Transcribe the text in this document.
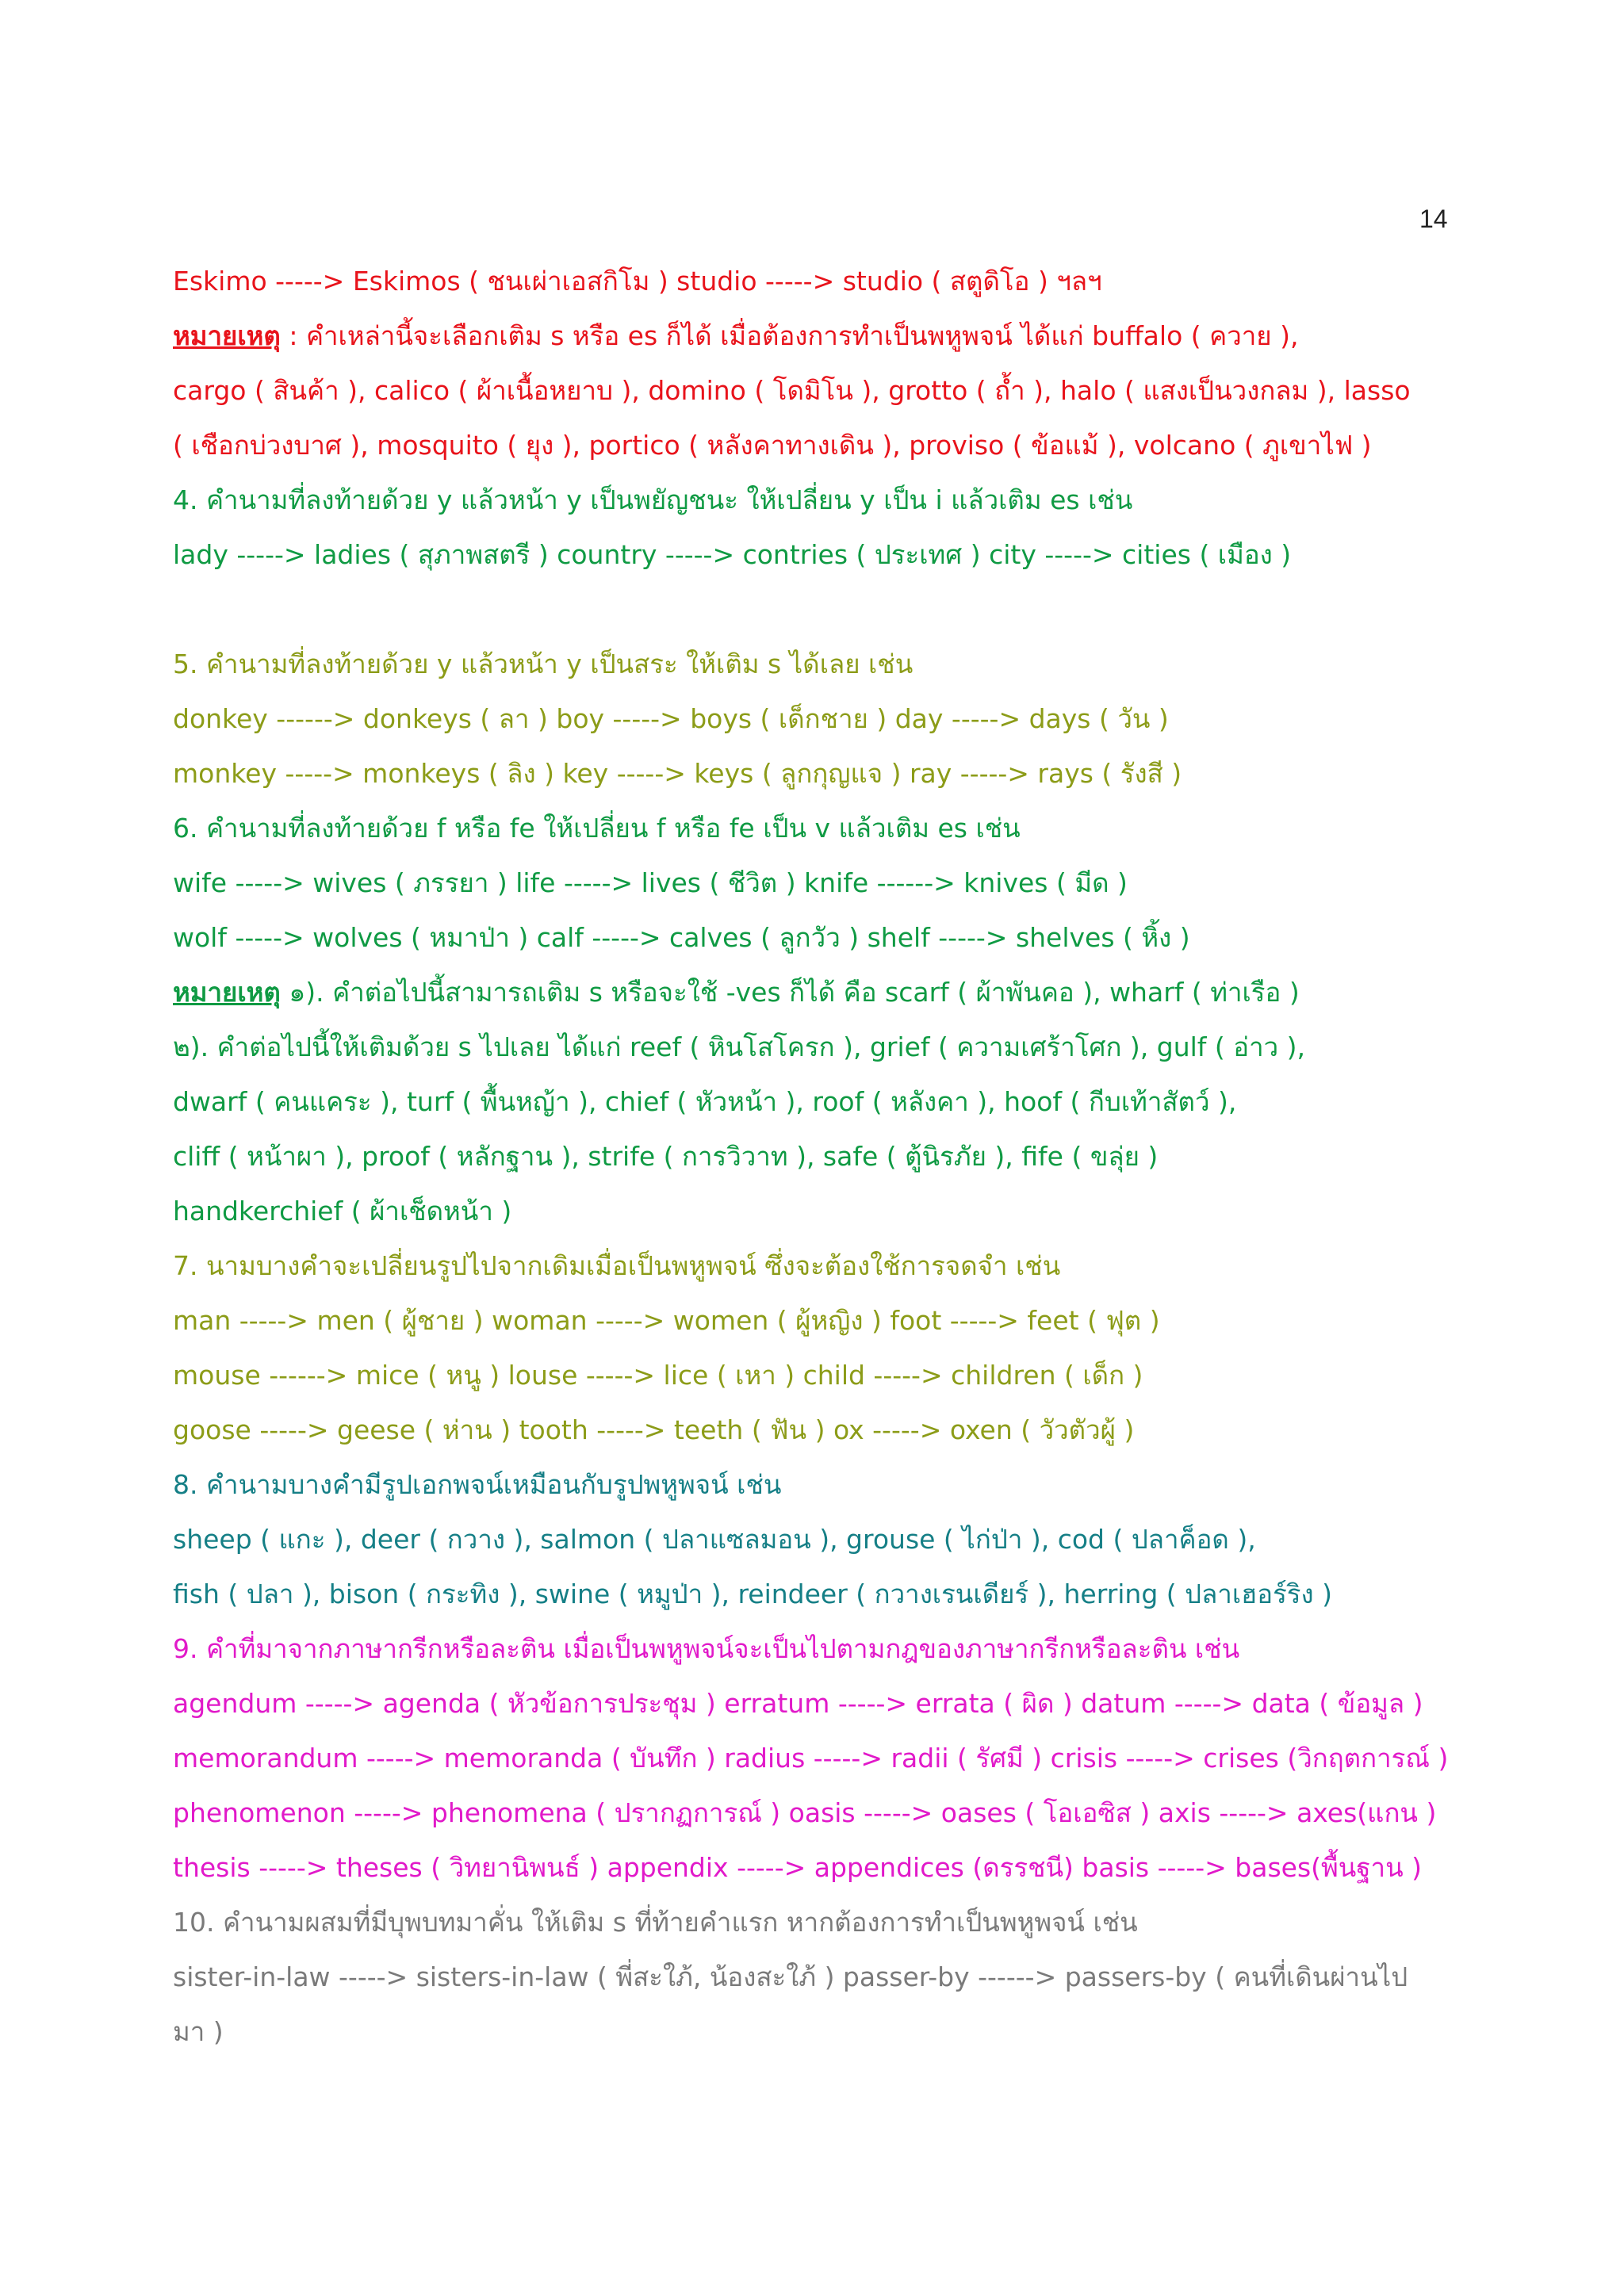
14
Eskimo -----> Eskimos ( ชนเผ่าเอสกิโม ) studio -----> studio ( สตูดิโอ ) ฯลฯ
หมายเหตุ : คำเหล่านี้จะเลือกเติม s หรือ es ก็ได้ เมื่อต้องการทำเป็นพหูพจน์ ได้แก่ buffalo ( ควาย ),
cargo ( สินค้า ), calico ( ผ้าเนื้อหยาบ ), domino ( โดมิโน ), grotto ( ถ้ำ ), halo ( แสงเป็นวงกลม ), lasso
( เชือกบ่วงบาศ ), mosquito ( ยุง ), portico ( หลังคาทางเดิน ), proviso ( ข้อแม้ ), volcano ( ภูเขาไฟ )
4. คำนามที่ลงท้ายด้วย y แล้วหน้า y เป็นพยัญชนะ ให้เปลี่ยน y เป็น i แล้วเติม es เช่น
lady -----> ladies ( สุภาพสตรี ) country -----> contries ( ประเทศ ) city -----> cities ( เมือง )
5. คำนามที่ลงท้ายด้วย y แล้วหน้า y เป็นสระ ให้เติม s ได้เลย เช่น
donkey ------> donkeys ( ลา ) boy -----> boys ( เด็กชาย ) day -----> days ( วัน )
monkey -----> monkeys ( ลิง ) key -----> keys ( ลูกกุญแจ ) ray -----> rays ( รังสี )
6. คำนามที่ลงท้ายด้วย f หรือ fe ให้เปลี่ยน f หรือ fe เป็น v แล้วเติม es เช่น
wife -----> wives ( ภรรยา ) life -----> lives ( ชีวิต ) knife ------> knives ( มีด )
wolf -----> wolves ( หมาป่า ) calf -----> calves ( ลูกวัว ) shelf -----> shelves ( หิ้ง )
หมายเหตุุ ๑). คำต่อไปนี้สามารถเติม s หรือจะใช้ -ves ก็ได้ คือ scarf ( ผ้าพันคอ ), wharf ( ท่าเรือ )
๒). คำต่อไปนี้ให้เติมด้วย s ไปเลย ได้แก่ reef ( หินโสโครก ), grief ( ความเศร้าโศก ), gulf ( อ่าว ),
dwarf ( คนแคระ ), turf ( พื้นหญ้า ), chief ( หัวหน้า ), roof ( หลังคา ), hoof ( กีบเท้าสัตว์ ),
cliff ( หน้าผา ), proof ( หลักฐาน ), strife ( การวิวาท ), safe ( ตู้นิรภัย ), fife ( ขลุ่ย )
handkerchief ( ผ้าเช็ดหน้า )
7. นามบางคำจะเปลี่ยนรูปไปจากเดิมเมื่อเป็นพหูพจน์ ซึ่งจะต้องใช้การจดจำ เช่น
man -----> men ( ผู้ชาย ) woman -----> women ( ผู้หญิง ) foot -----> feet ( ฟุต )
mouse ------> mice ( หนู ) louse -----> lice ( เหา ) child -----> children ( เด็ก )
goose -----> geese ( ห่าน ) tooth -----> teeth ( ฟัน ) ox -----> oxen ( วัวตัวผู้ )
8. คำนามบางคำมีรูปเอกพจน์เหมือนกับรูปพหูพจน์ เช่น
sheep ( แกะ ), deer ( กวาง ), salmon ( ปลาแซลมอน ), grouse ( ไก่ป่า ), cod ( ปลาค็อด ),
fish ( ปลา ), bison ( กระทิง ), swine ( หมูป่า ), reindeer ( กวางเรนเดียร์ ), herring ( ปลาเฮอร์ริง )
9. คำที่มาจากภาษากรีกหรือละติน เมื่อเป็นพหูพจน์จะเป็นไปตามกฎของภาษากรีกหรือละติน เช่น
agendum -----> agenda ( หัวข้อการประชุม ) erratum -----> errata ( ผิด ) datum -----> data ( ข้อมูล )
memorandum -----> memoranda ( บันทึก ) radius -----> radii ( รัศมี ) crisis -----> crises (วิกฤตการณ์ )
phenomenon -----> phenomena ( ปรากฏการณ์ ) oasis -----> oases ( โอเอซิส ) axis -----> axes(แกน )
thesis -----> theses ( วิทยานิพนธ์ ) appendix -----> appendices (ดรรชนี) basis -----> bases(พื้นฐาน )
10. คำนามผสมที่มีบุพบทมาคั่น ให้เติม s ที่ท้ายคำแรก หากต้องการทำเป็นพหูพจน์ เช่น
sister-in-law -----> sisters-in-law ( พี่สะใภ้, น้องสะใภ้ ) passer-by ------> passers-by ( คนที่เดินผ่านไป
มา )
